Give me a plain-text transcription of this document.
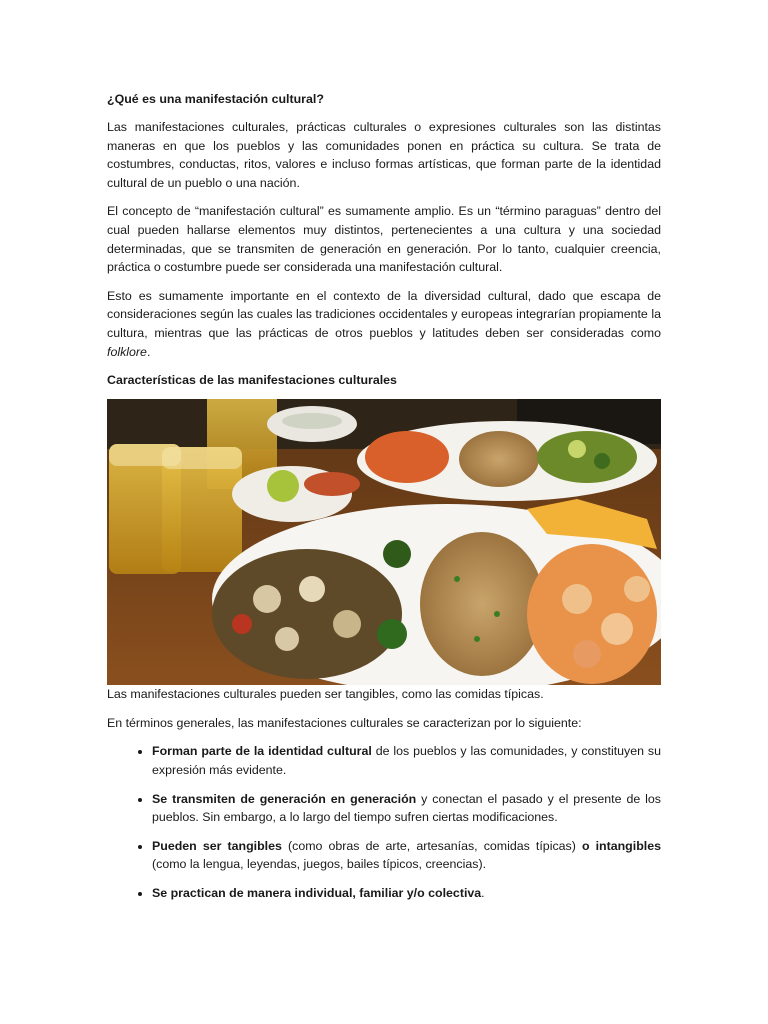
¿Qué es una manifestación cultural?

Las manifestaciones culturales, prácticas culturales o expresiones culturales son las distintas maneras en que los pueblos y las comunidades ponen en práctica su cultura. Se trata de costumbres, conductas, ritos, valores e incluso formas artísticas, que forman parte de la identidad cultural de un pueblo o una nación.

El concepto de “manifestación cultural” es sumamente amplio. Es un “término paraguas” dentro del cual pueden hallarse elementos muy distintos, pertenecientes a una cultura y una sociedad determinadas, que se transmiten de generación en generación. Por lo tanto, cualquier creencia, práctica o costumbre puede ser considerada una manifestación cultural.

Esto es sumamente importante en el contexto de la diversidad cultural, dado que escapa de consideraciones según las cuales las tradiciones occidentales y europeas integrarían propiamente la cultura, mientras que las prácticas de otros pueblos y latitudes deben ser consideradas como folklore.

Características de las manifestaciones culturales

Las manifestaciones culturales pueden ser tangibles, como las comidas típicas.

En términos generales, las manifestaciones culturales se caracterizan por lo siguiente:

• Forman parte de la identidad cultural de los pueblos y las comunidades, y constituyen su expresión más evidente.
• Se transmiten de generación en generación y conectan el pasado y el presente de los pueblos. Sin embargo, a lo largo del tiempo sufren ciertas modificaciones.
• Pueden ser tangibles (como obras de arte, artesanías, comidas típicas) o intangibles (como la lengua, leyendas, juegos, bailes típicos, creencias).
• Se practican de manera individual, familiar y/o colectiva.
